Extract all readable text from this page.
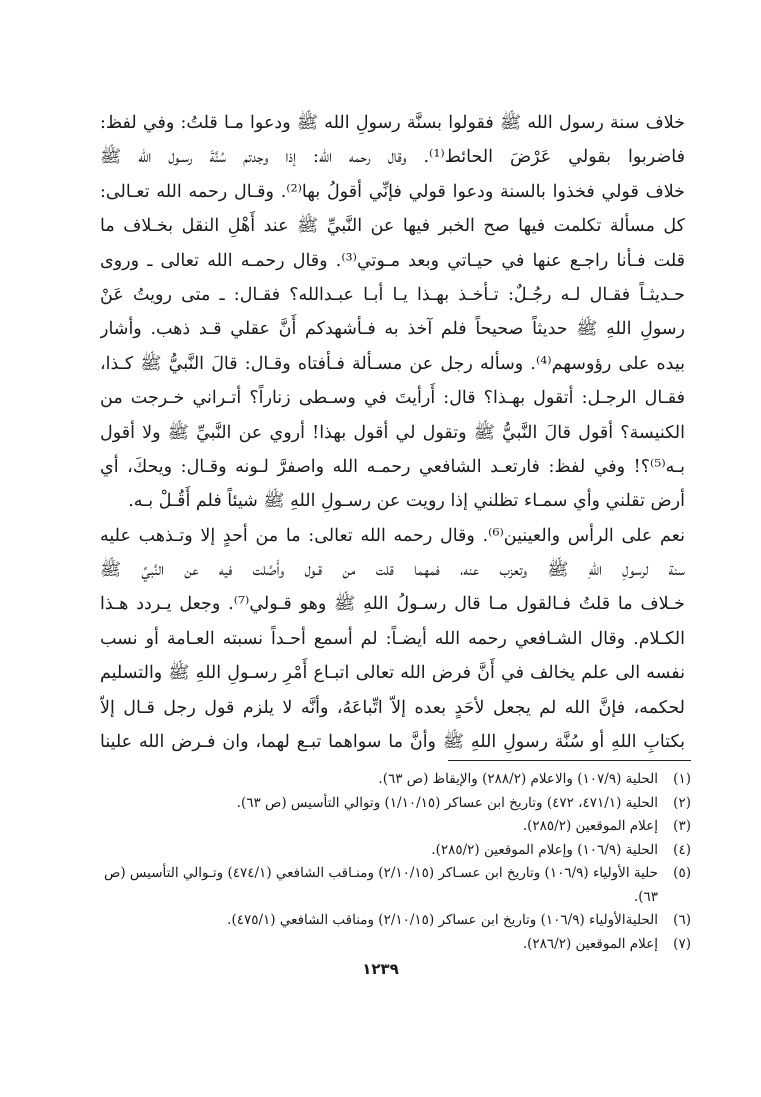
خلاف سنة رسول الله ﷺ فقولوا بسنَّة رسولِ الله ﷺ ودعوا مـا قلتُ: وفي لفظ:
فاضربوا بقولي عَرْضَ الحائط⁽¹⁾. وقال رحمه الله: إذا وجدتم سُنَّةَ رسـول الله ﷺ
خلاف قولي فخذوا بالسنة ودعوا قولي فإنِّي أقولُ بها⁽²⁾. وقـال رحمه الله تعـالى:
كل مسألة تكلمت فيها صح الخبر فيها عن النَّبيِّ ﷺ عند أَهْلِ النقل بخـلاف ما
قلت فـأنا راجـع عنها في حيـاتي وبعد مـوتي⁽³⁾. وقال رحمـه الله تعالى ـ وروى
حـديثـاً فقـال لـه رجُـلٌ: تـأخـذ بهـذا يـا أبـا عبـدالله؟ فقـال: ـ متى رويتُ عَنْ
رسولِ اللهِ ﷺ حديثاً صحيحاً فلم آخذ به فـأشهدكم أَنَّ عقلي قـد ذهب. وأشار
بيده على رؤوسهم⁽⁴⁾. وسأله رجل عن مسـألة فـأفتاه وقـال: قالَ النَّبيُّ ﷺ كـذا،
فقـال الرجـل: أتقول بهـذا؟ قال: أَرأيتَ في وسـطى زناراً؟ أتـراني خـرجت من
الكنيسة؟ أقول قالَ النَّبيُّ ﷺ وتقول لي أقول بهذا! أروي عن النَّبيِّ ﷺ ولا أقول
بـه⁽⁵⁾؟! وفي لفظ: فارتعـد الشافعي رحمـه الله واصفرَّ لـونه وقـال: ويحكَ، أي
أرض تقلني وأي سمـاء تظلني إذا رويت عن رسـولِ اللهِ ﷺ شيئاً فلم أَقُـلْ بـه.
نعم على الرأس والعينين⁽⁶⁾. وقال رحمه الله تعالى: ما من أحدٍ إلا وتـذهب عليه
سنة لرسولِ اللهِ ﷺ وتعزب عنه، فمهما قلت من قـول وأَصَّلت فيه عن النَّبيِّ ﷺ
خـلاف ما قلتُ فـالقول مـا قال رسـولُ اللهِ ﷺ وهو قـولي⁽⁷⁾. وجعل يـردد هـذا
الكـلام. وقال الشـافعي رحمه الله أيضـاً: لم أسمع أحـداً نسبته العـامة أو نسب
نفسه الى علم يخالف في أَنَّ فرض الله تعالى اتبـاع أَمْرِ رسـولِ اللهِ ﷺ والتسليم
لحكمه، فإنَّ الله لم يجعل لأحَدٍ بعده إلاّ اتِّباعَهُ، وأنَّه لا يلزم قول رجل قـال إلاّ
بكتابِ اللهِ أو سُنَّة رسولِ اللهِ ﷺ وأنَّ ما سواهما تبـع لهما، وان فـرض الله علينا
(١)
الحلية (١٠٧/٩) والاعلام (٢٨٨/٢) والإيقاظ (ص ٦٣).
(٢)
الحلية (٤٧١/١، ٤٧٢) وتاريخ ابن عساكر (١/١٠/١٥) وتوالي التأسيس (ص ٦٣).
(٣)
إعلام الموقعين (٢٨٥/٢).
(٤)
الحلية (١٠٦/٩) وإعلام الموقعين (٢٨٥/٢).
(٥)
حلية الأولياء (١٠٦/٩) وتاريخ ابن عسـاكر (٢/١٠/١٥) ومنـاقب الشافعي (٤٧٤/١) وتـوالي التأسيس (ص ٦٣).
(٦)
الحليةالأولياء (١٠٦/٩) وتاريخ ابن عساكر (٢/١٠/١٥) ومناقب الشافعي (٤٧٥/١).
(٧)
إعلام الموقعين (٢٨٦/٢).
١٢٣٩
